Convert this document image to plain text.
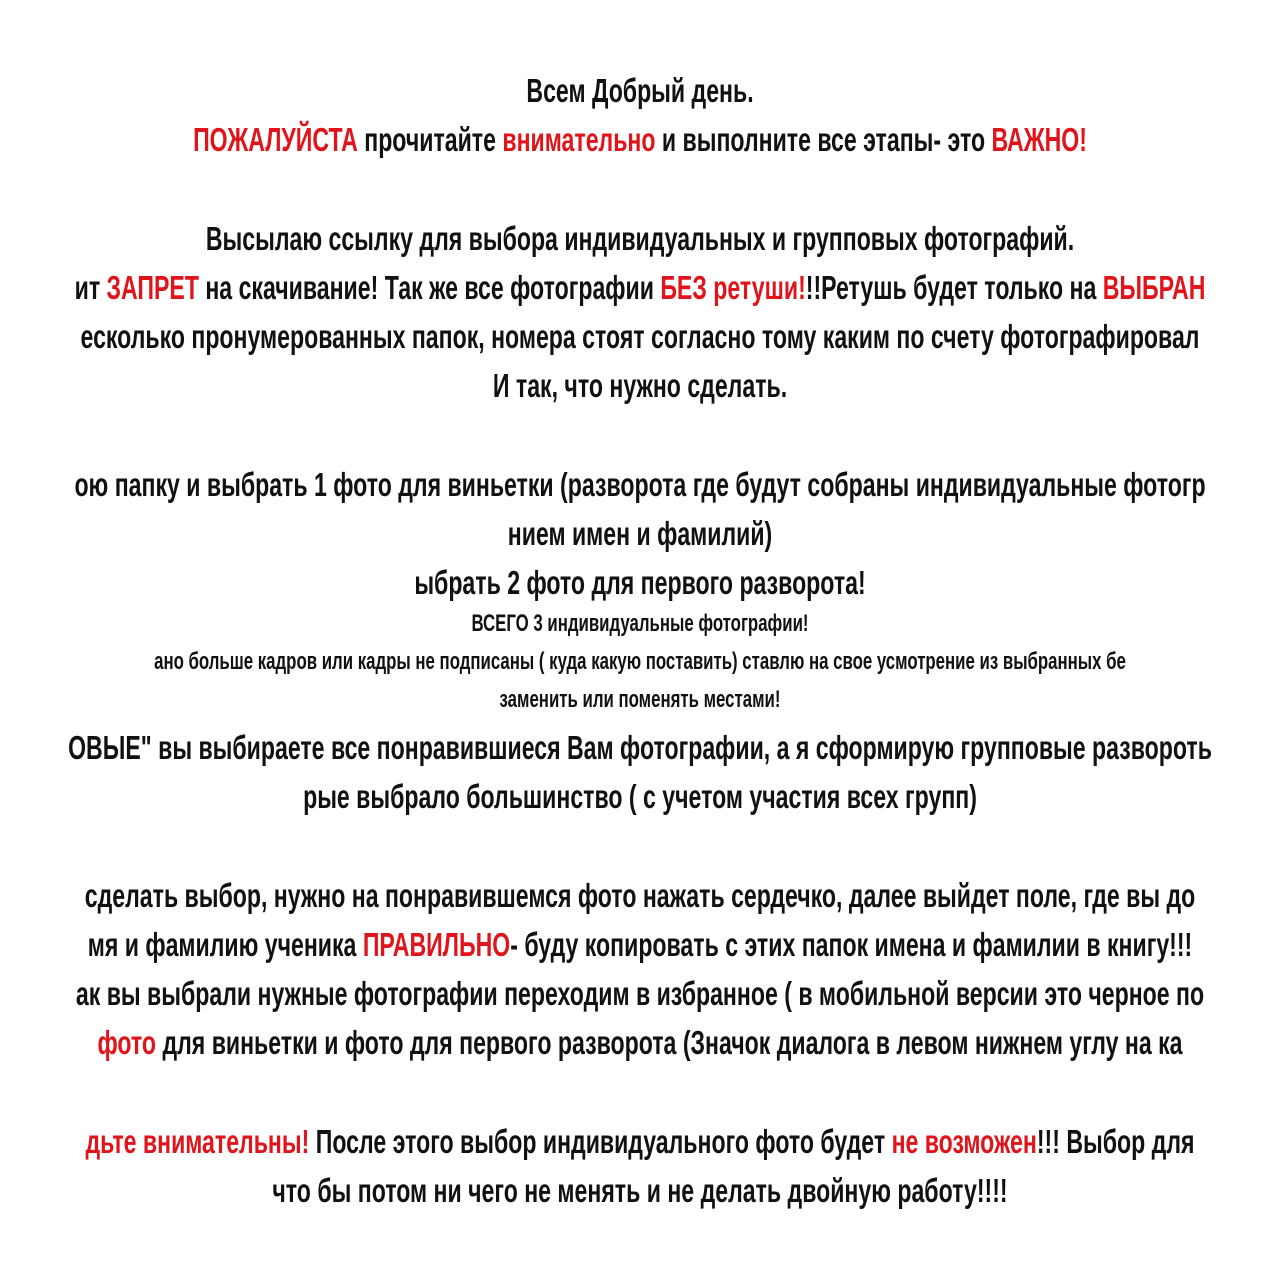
Всем Добрый день.
ПОЖАЛУЙСТА прочитайте внимательно и выполните все этапы- это ВАЖНО!
Высылаю ссылку для выбора индивидуальных и групповых фотографий.
ит ЗАПРЕТ на скачивание! Так же все фотографии БЕЗ ретуши!!!Ретушь будет только на ВЫБРАН
есколько пронумерованных папок, номера стоят согласно тому каким по счету фотографировал
И так, что нужно сделать.
ою папку и выбрать 1 фото для виньетки (разворота где будут собраны индивидуальные фотогр
нием имен и фамилий)
ыбрать 2 фото для первого разворота!
ВСЕГО 3 индивидуальные фотографии!
ано больше кадров или кадры не подписаны ( куда какую поставить) ставлю на свое усмотрение из выбранных бе
заменить или поменять местами!
ОВЫЕ" вы выбираете все понравившиеся Вам фотографии, а я сформирую групповые развороть
рые выбрало большинство ( с учетом участия всех групп)
сделать выбор, нужно на понравившемся фото нажать сердечко, далее выйдет поле, где вы до
мя и фамилию ученика ПРАВИЛЬНО- буду копировать с этих папок имена и фамилии в книгу!!!
ак вы выбрали нужные фотографии переходим в избранное ( в мобильной версии это черное по
фото для виньетки и фото для первого разворота (Значок диалога в левом нижнем углу на ка
дьте внимательны! После этого выбор индивидуального фото будет не возможен!!! Выбор для
что бы потом ни чего не менять и не делать двойную работу!!!!
